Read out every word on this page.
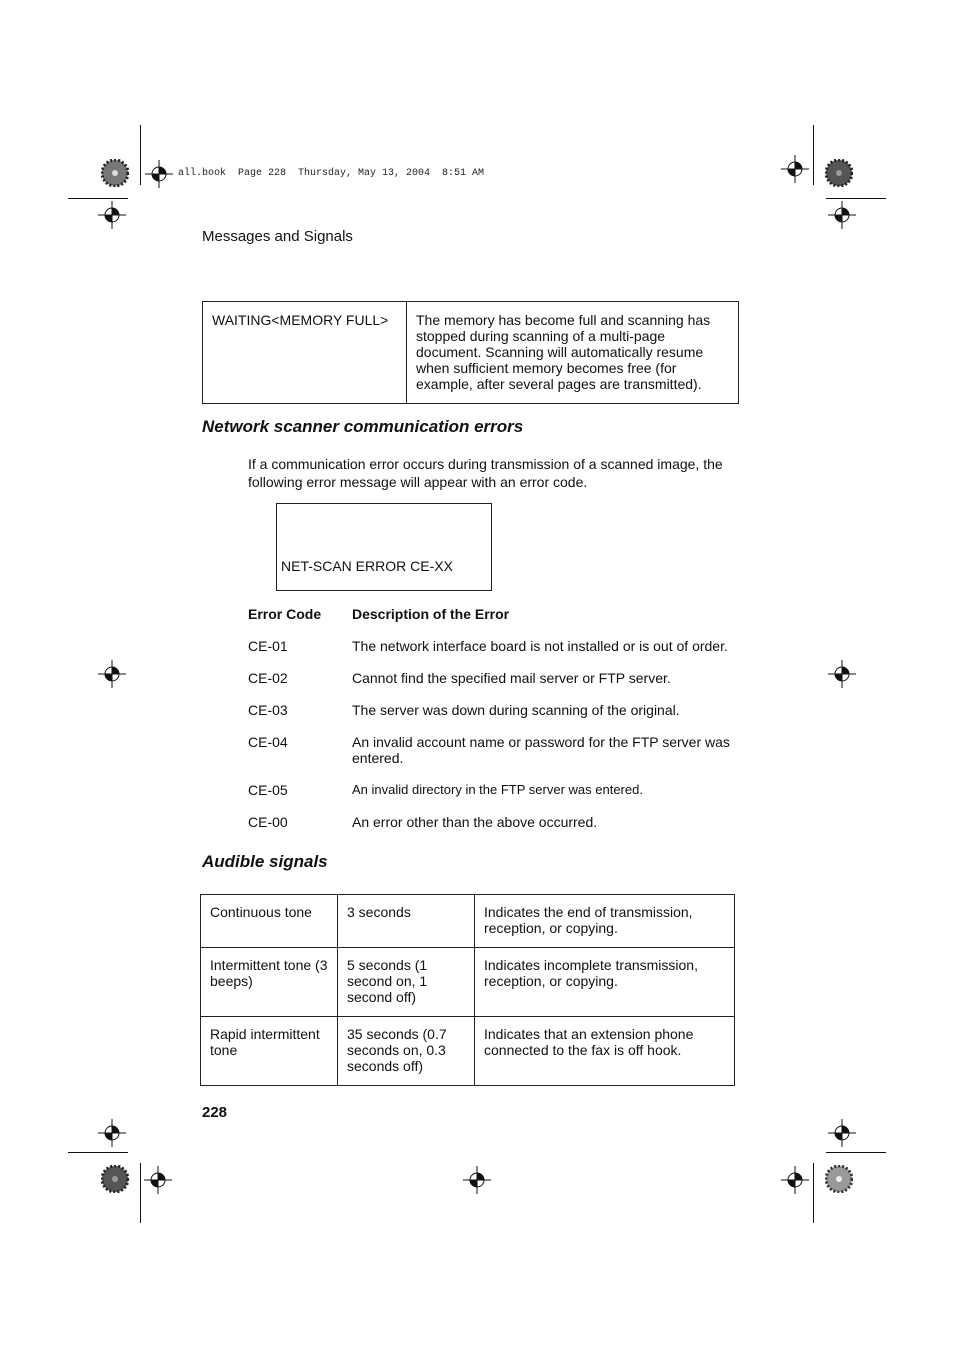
all.book  Page 228  Thursday, May 13, 2004  8:51 AM
Messages and Signals
WAITING<MEMORY FULL>	The memory has become full and scanning has stopped during scanning of a multi-page document. Scanning will automatically resume when sufficient memory becomes free (for example, after several pages are transmitted).
Network scanner communication errors
If a communication error occurs during transmission of a scanned image, the following error message will appear with an error code.
NET-SCAN ERROR CE-XX
Error Code	Description of the Error
CE-01	The network interface board is not installed or is out of order.
CE-02	Cannot find the specified mail server or FTP server.
CE-03	The server was down during scanning of the original.
CE-04	An invalid account name or password for the FTP server was entered.
CE-05	An invalid directory in the FTP server was entered.
CE-00	An error other than the above occurred.
Audible signals
Continuous tone	3 seconds	Indicates the end of transmission, reception, or copying.
Intermittent tone (3 beeps)	5 seconds (1 second on, 1 second off)	Indicates incomplete transmission, reception, or copying.
Rapid intermittent tone	35 seconds (0.7 seconds on, 0.3 seconds off)	Indicates that an extension phone connected to the fax is off hook.
228
